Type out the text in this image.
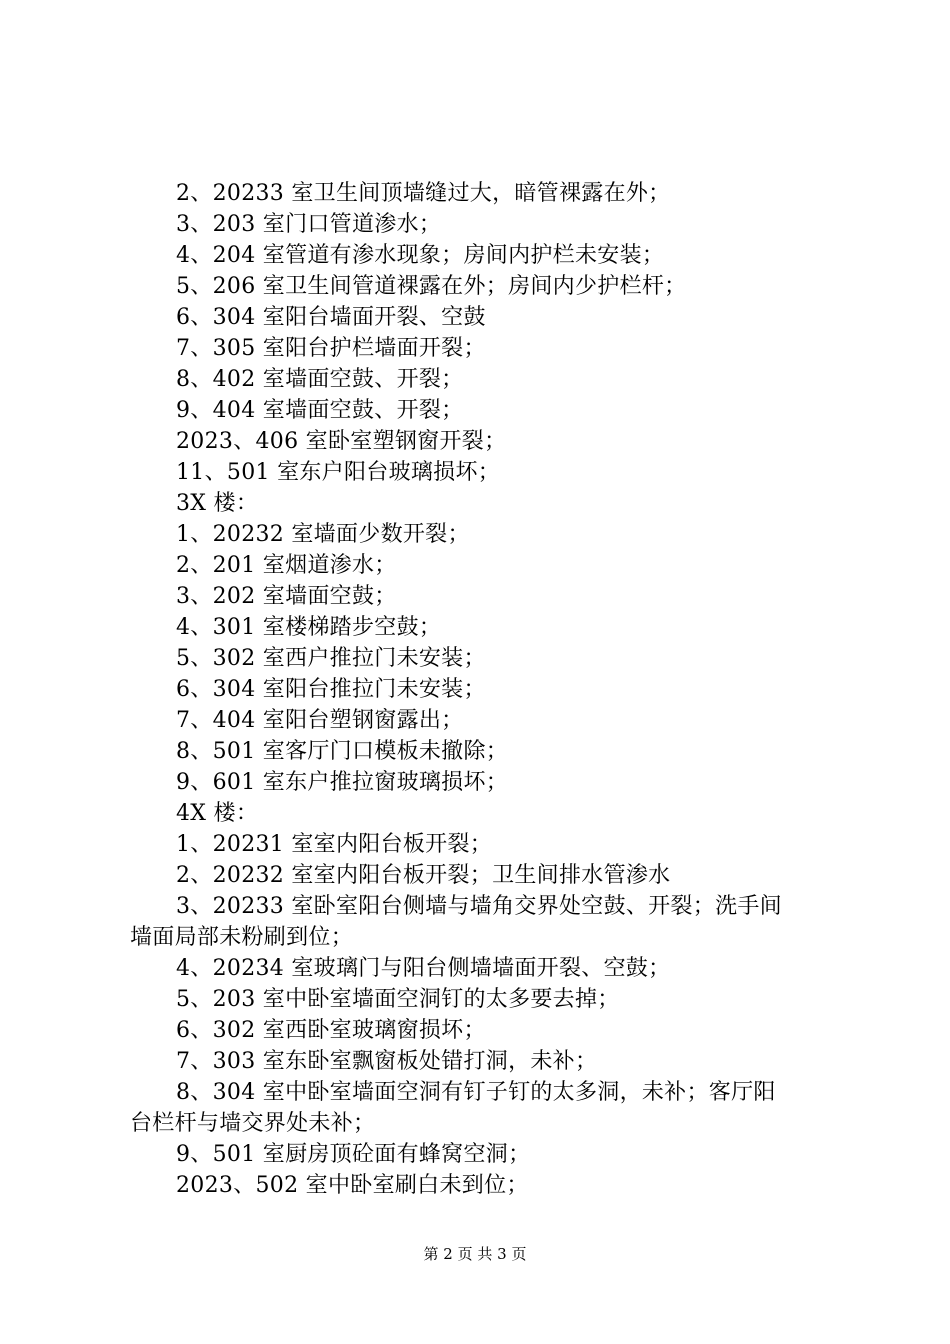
2、20233 室卫生间顶墙缝过大，暗管裸露在外；
3、203 室门口管道渗水；
4、204 室管道有渗水现象；房间内护栏未安装；
5、206 室卫生间管道裸露在外；房间内少护栏杆；
6、304 室阳台墙面开裂、空鼓
7、305 室阳台护栏墙面开裂；
8、402 室墙面空鼓、开裂；
9、404 室墙面空鼓、开裂；
2023、406 室卧室塑钢窗开裂；
11、501 室东户阳台玻璃损坏；
3X 楼：
1、20232 室墙面少数开裂；
2、201 室烟道渗水；
3、202 室墙面空鼓；
4、301 室楼梯踏步空鼓；
5、302 室西户推拉门未安装；
6、304 室阳台推拉门未安装；
7、404 室阳台塑钢窗露出；
8、501 室客厅门口模板未撤除；
9、601 室东户推拉窗玻璃损坏；
4X 楼：
1、20231 室室内阳台板开裂；
2、20232 室室内阳台板开裂；卫生间排水管渗水
3、20233 室卧室阳台侧墙与墙角交界处空鼓、开裂；洗手间
墙面局部未粉刷到位；
4、20234 室玻璃门与阳台侧墙墙面开裂、空鼓；
5、203 室中卧室墙面空洞钉的太多要去掉；
6、302 室西卧室玻璃窗损坏；
7、303 室东卧室飘窗板处错打洞，未补；
8、304 室中卧室墙面空洞有钉子钉的太多洞，未补；客厅阳
台栏杆与墙交界处未补；
9、501 室厨房顶砼面有蜂窝空洞；
2023、502 室中卧室刷白未到位；
第 2 页 共 3 页
